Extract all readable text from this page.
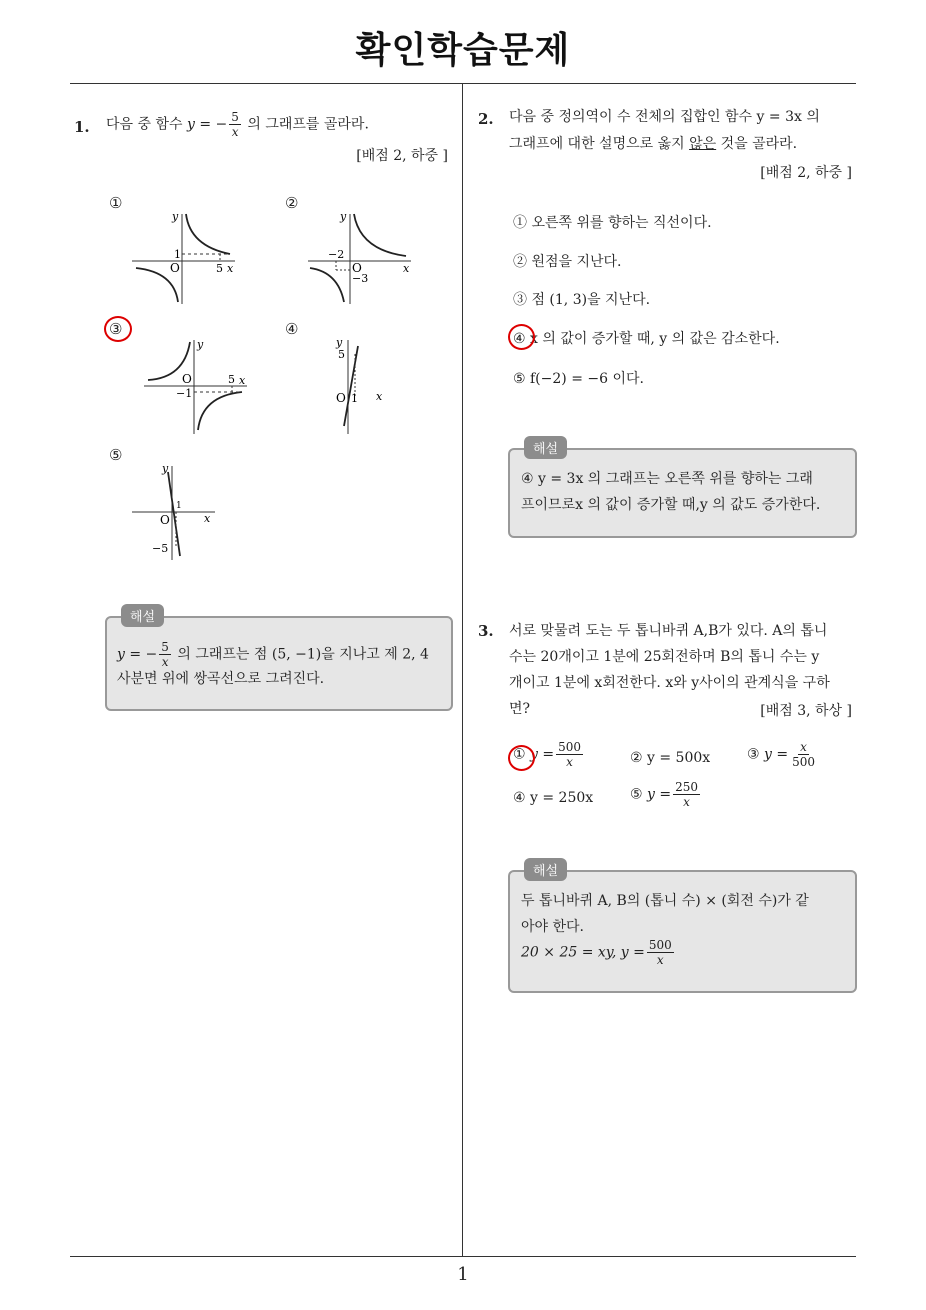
확인학습문제
1
1. 다음 중 함수 y = − $\frac{5}{x}$ 의 그래프를 골라라.
[배점 2, 하중 ]
①	②
③	④
⑤
y
x
O
1
5
y
x
O
−2
−3
y
x
O
−1
5
y
x
O
5
1
y
x
O
−5
1
해설
y = − $\frac{5}{x}$ 의 그래프는 점 (5, −1)을 지나고 제 2, 4
사분면 위에 쌍곡선으로 그려진다.
2. 다음 중 정의역이 수 전체의 집합인 함수 y = 3x 의
그래프에 대한 설명으로 옳지 않은 것을 골라라.
[배점 2, 하중 ]
① 오른쪽 위를 향하는 직선이다.
② 원점을 지난다.
③ 점 (1, 3)을 지난다.
④ x 의 값이 증가할 때, y 의 값은 감소한다.
⑤ f(−2) = −6 이다.
해설
④ y = 3x 의 그래프는 오른쪽 위를 향하는 그래
프이므로x 의 값이 증가할 때,y 의 값도 증가한다.
3. 서로 맞물려 도는 두 톱니바퀴 A,B가 있다. A의 톱니
수는 20개이고 1분에 25회전하며 B의 톱니 수는 y
개이고 1분에 x회전한다. x와 y사이의 관계식을 구하
면?	[배점 3, 하상 ]
① $y = \frac{500}{x}$	② y = 500x	③ $y = \frac{x}{500}$
④ y = 250x	⑤ $y = \frac{250}{x}$
해설
두 톱니바퀴 A, B의 (톱니 수) × (회전 수)가 같
아야 한다.
20 × 25 = xy, $y = \frac{500}{x}$
